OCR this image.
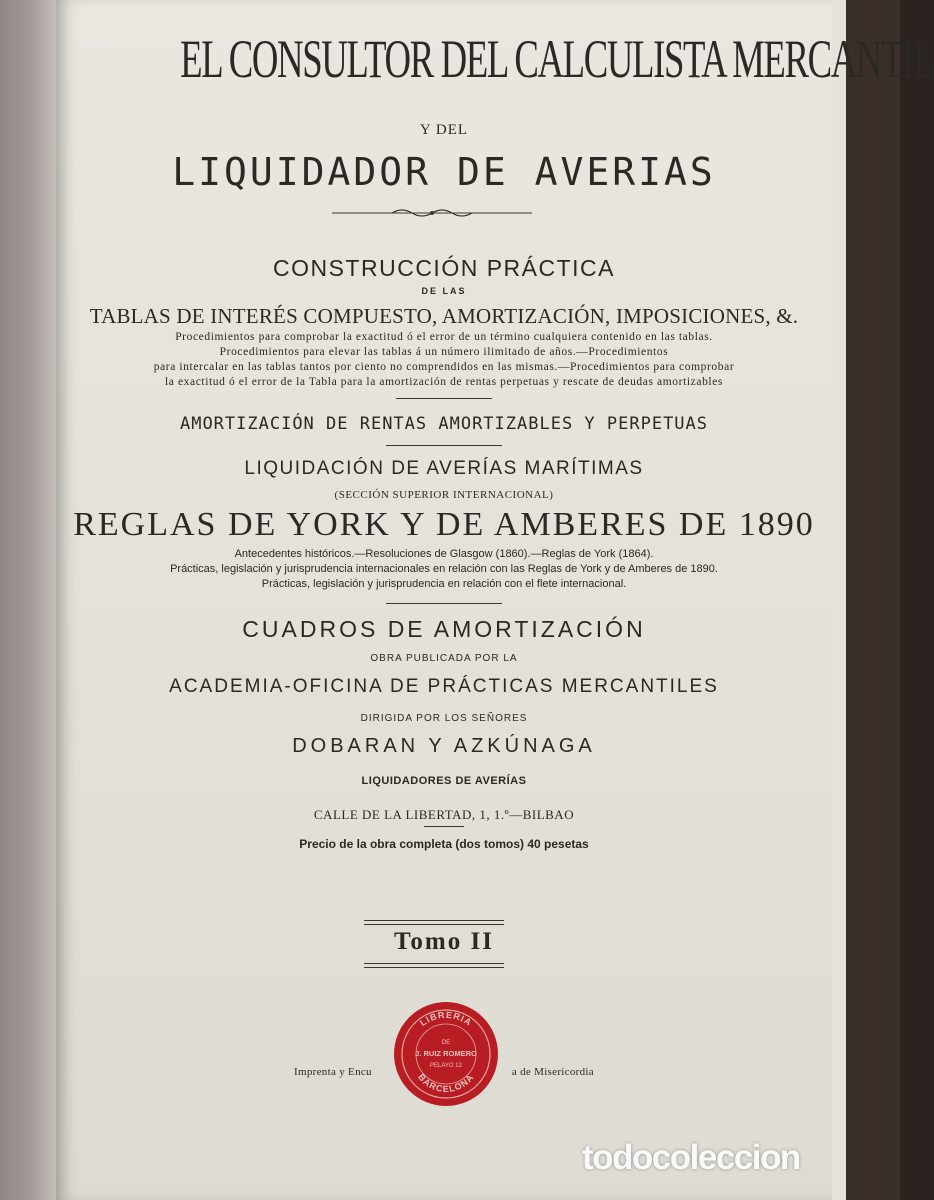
EL CONSULTOR DEL CALCULISTA MERCANTIL
Y DEL
LIQUIDADOR DE AVERIAS
CONSTRUCCIÓN PRÁCTICA
DE LAS
TABLAS DE INTERÉS COMPUESTO, AMORTIZACIÓN, IMPOSICIONES, &.
Procedimientos para comprobar la exactitud ó el error de un término cualquiera contenido en las tablas.
Procedimientos para elevar las tablas á un número ilimitado de años.—Procedimientos
para intercalar en las tablas tantos por ciento no comprendidos en las mismas.—Procedimientos para comprobar
la exactitud ó el error de la Tabla para la amortización de rentas perpetuas y rescate de deudas amortizables
AMORTIZACIÓN DE RENTAS AMORTIZABLES Y PERPETUAS
LIQUIDACIÓN DE AVERÍAS MARÍTIMAS
(SECCIÓN SUPERIOR INTERNACIONAL)
REGLAS DE YORK Y DE AMBERES DE 1890
Antecedentes históricos.—Resoluciones de Glasgow (1860).—Reglas de York (1864).
Prácticas, legislación y jurisprudencia internacionales en relación con las Reglas de York y de Amberes de 1890.
Prácticas, legislación y jurisprudencia en relación con el flete internacional.
CUADROS DE AMORTIZACIÓN
OBRA PUBLICADA POR LA
ACADEMIA-OFICINA DE PRÁCTICAS MERCANTILES
DIRIGIDA POR LOS SEÑORES
DOBARAN Y AZKÚNAGA
LIQUIDADORES DE AVERÍAS
CALLE DE LA LIBERTAD, 1, 1.º—BILBAO
Precio de la obra completa (dos tomos) 40 pesetas
Tomo II
Imprenta y Encu	a de Misericordia
LIBRERIA
BARCELONA
DE
J. RUIZ ROMERO
PELAYO 12
todocoleccion
